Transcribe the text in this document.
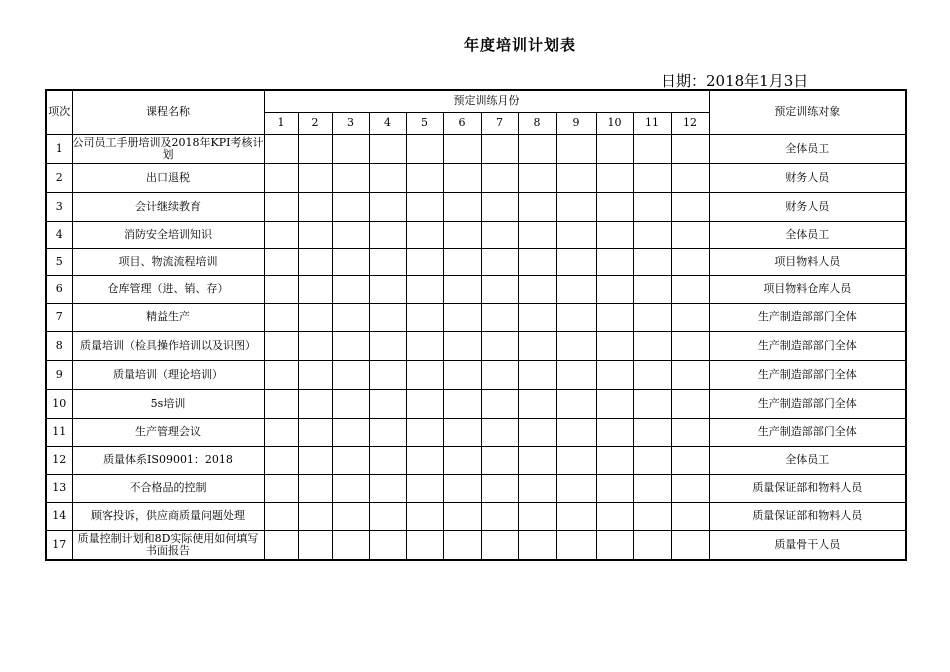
年度培训计划表
日期：2018年1月3日
项次	课程名称	预定训练月份												预定训练对象
		1	2	3	4	5	6	7	8	9	10	11	12	
1	公司员工手册培训及2018年KPI考核计划													全体员工
2	出口退税													财务人员
3	会计继续教育													财务人员
4	消防安全培训知识													全体员工
5	项目、物流流程培训													项目物料人员
6	仓库管理（进、销、存）													项目物料仓库人员
7	精益生产													生产制造部部门全体
8	质量培训（检具操作培训以及识图）													生产制造部部门全体
9	质量培训（理论培训）													生产制造部部门全体
10	5s培训													生产制造部部门全体
11	生产管理会议													生产制造部部门全体
12	质量体系IS09001：2018													全体员工
13	不合格品的控制													质量保证部和物料人员
14	顾客投诉，供应商质量问题处理													质量保证部和物料人员
17	质量控制计划和8D实际使用如何填写书面报告													质量骨干人员
